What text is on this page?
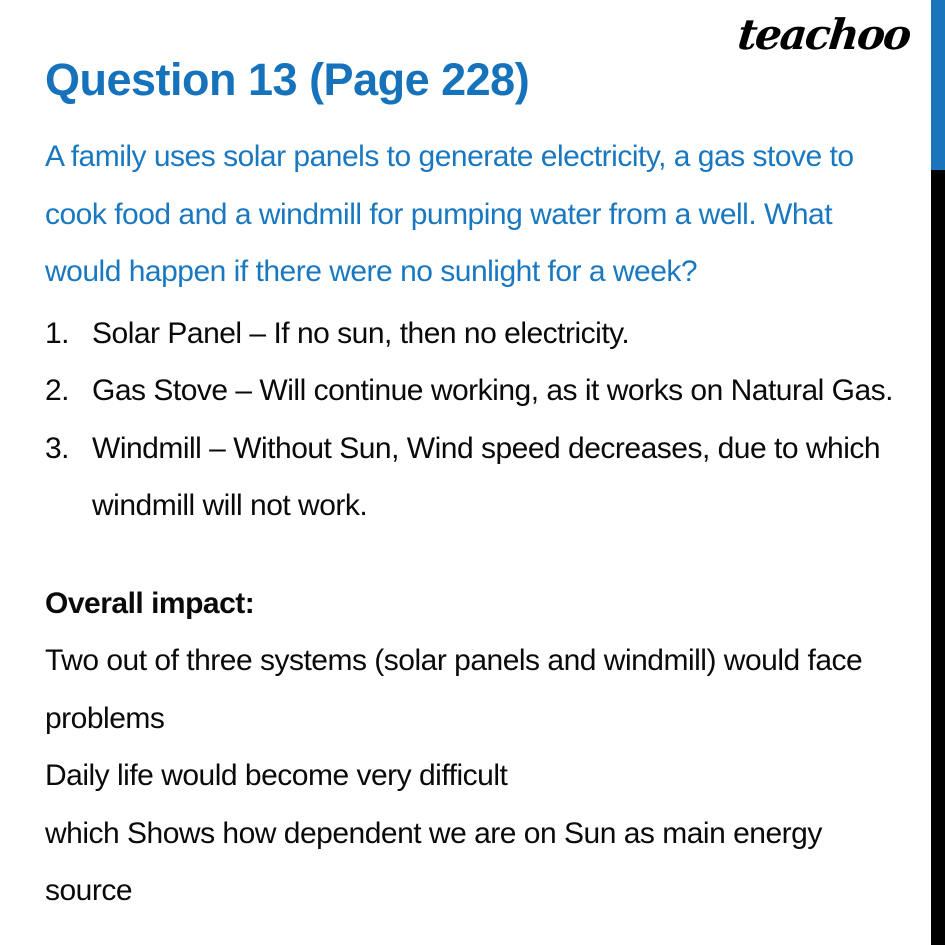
teachoo
Question 13 (Page 228)
A family uses solar panels to generate electricity, a gas stove to
cook food and a windmill for pumping water from a well. What
would happen if there were no sunlight for a week?
1. Solar Panel – If no sun, then no electricity.
2. Gas Stove – Will continue working, as it works on Natural Gas.
3. Windmill – Without Sun, Wind speed decreases, due to which
windmill will not work.
Overall impact:
Two out of three systems (solar panels and windmill) would face
problems
Daily life would become very difficult
which Shows how dependent we are on Sun as main energy
source
